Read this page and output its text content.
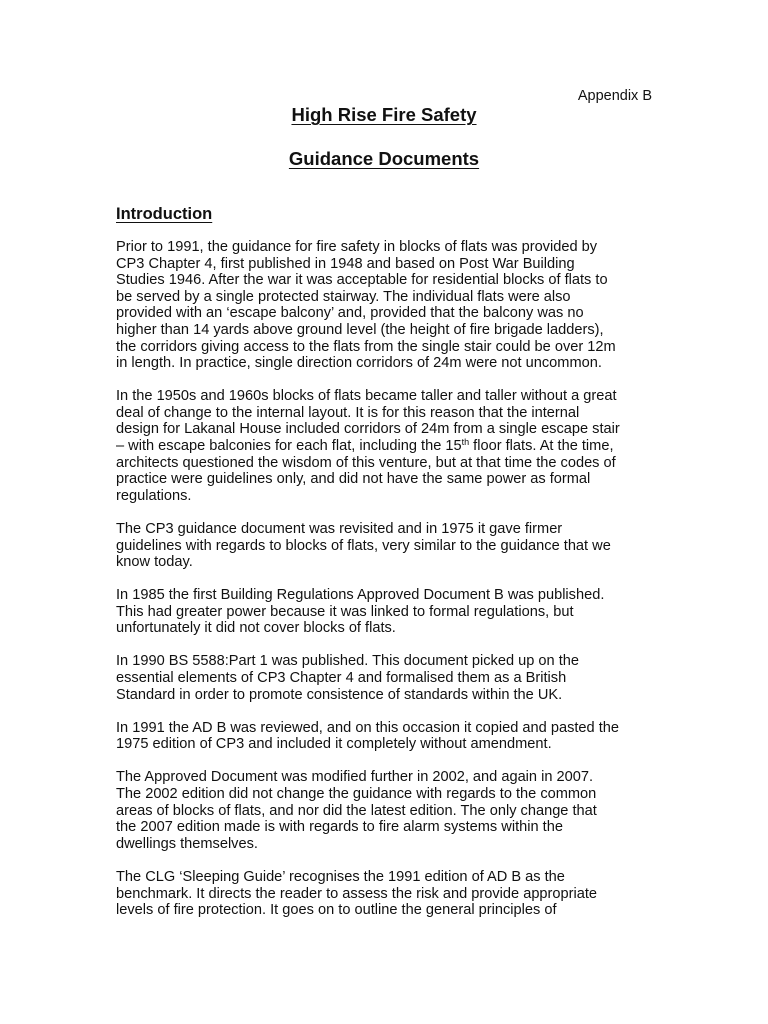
Appendix B
High Rise Fire Safety
Guidance Documents
Introduction

Prior to 1991, the guidance for fire safety in blocks of flats was provided by
CP3 Chapter 4, first published in 1948 and based on Post War Building
Studies 1946. After the war it was acceptable for residential blocks of flats to
be served by a single protected stairway. The individual flats were also
provided with an ‘escape balcony’ and, provided that the balcony was no
higher than 14 yards above ground level (the height of fire brigade ladders),
the corridors giving access to the flats from the single stair could be over 12m
in length. In practice, single direction corridors of 24m were not uncommon.

In the 1950s and 1960s blocks of flats became taller and taller without a great
deal of change to the internal layout. It is for this reason that the internal
design for Lakanal House included corridors of 24m from a single escape stair
– with escape balconies for each flat, including the 15th floor flats. At the time,
architects questioned the wisdom of this venture, but at that time the codes of
practice were guidelines only, and did not have the same power as formal
regulations.

The CP3 guidance document was revisited and in 1975 it gave firmer
guidelines with regards to blocks of flats, very similar to the guidance that we
know today.

In 1985 the first Building Regulations Approved Document B was published.
This had greater power because it was linked to formal regulations, but
unfortunately it did not cover blocks of flats.

In 1990 BS 5588:Part 1 was published. This document picked up on the
essential elements of CP3 Chapter 4 and formalised them as a British
Standard in order to promote consistence of standards within the UK.

In 1991 the AD B was reviewed, and on this occasion it copied and pasted the
1975 edition of CP3 and included it completely without amendment.

The Approved Document was modified further in 2002, and again in 2007.
The 2002 edition did not change the guidance with regards to the common
areas of blocks of flats, and nor did the latest edition. The only change that
the 2007 edition made is with regards to fire alarm systems within the
dwellings themselves.

The CLG ‘Sleeping Guide’ recognises the 1991 edition of AD B as the
benchmark. It directs the reader to assess the risk and provide appropriate
levels of fire protection. It goes on to outline the general principles of
